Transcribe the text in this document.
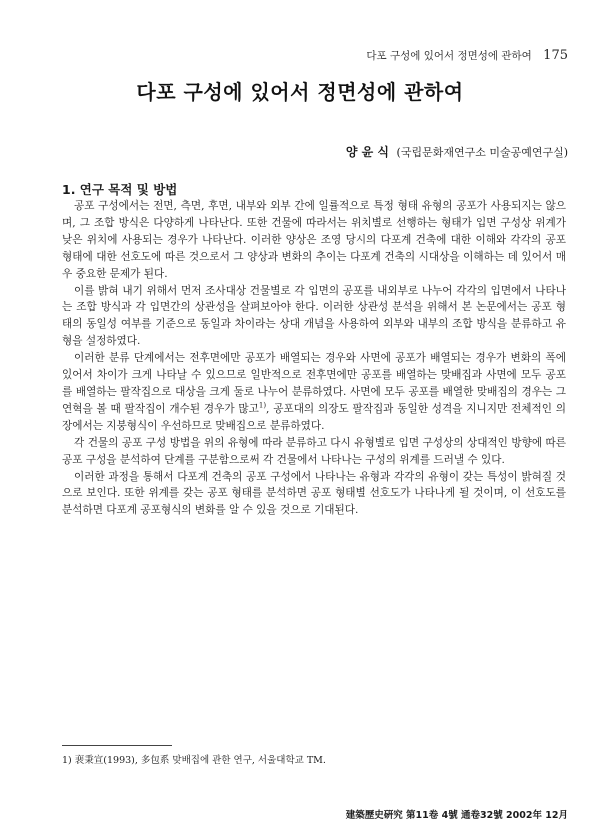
다포 구성에 있어서 정면성에 관하여 175
다포 구성에 있어서 정면성에 관하여
양 윤 식 (국립문화재연구소 미술공예연구실)
1. 연구 목적 및 방법

공포 구성에서는 전면, 측면, 후면, 내부와 외부 간에 일률적으로 특정 형태 유형의 공포가 사용되지는 않으며, 그 조합 방식은 다양하게 나타난다. 또한 건물에 따라서는 위치별로 선행하는 형태가 입면 구성상 위계가 낮은 위치에 사용되는 경우가 나타난다. 이러한 양상은 조영 당시의 다포계 건축에 대한 이해와 각각의 공포 형태에 대한 선호도에 따른 것으로서 그 양상과 변화의 추이는 다포계 건축의 시대상을 이해하는 데 있어서 매우 중요한 문제가 된다.

이를 밝혀 내기 위해서 먼저 조사대상 건물별로 각 입면의 공포를 내외부로 나누어 각각의 입면에서 나타나는 조합 방식과 각 입면간의 상관성을 살펴보아야 한다. 이러한 상관성 분석을 위해서 본 논문에서는 공포 형태의 동일성 여부를 기준으로 동일과 차이라는 상대 개념을 사용하여 외부와 내부의 조합 방식을 분류하고 유형을 설정하였다.

이러한 분류 단계에서는 전후면에만 공포가 배열되는 경우와 사면에 공포가 배열되는 경우가 변화의 폭에 있어서 차이가 크게 나타날 수 있으므로 일반적으로 전후면에만 공포를 배열하는 맞배집과 사면에 모두 공포를 배열하는 팔작집으로 대상을 크게 둘로 나누어 분류하였다. 사면에 모두 공포를 배열한 맞배집의 경우는 그 연혁을 볼 때 팔작집이 개수된 경우가 많고$^{1)}$, 공포대의 의장도 팔작집과 동일한 성격을 지니지만 전체적인 의장에서는 지붕형식이 우선하므로 맞배집으로 분류하였다.

각 건물의 공포 구성 방법을 위의 유형에 따라 분류하고 다시 유형별로 입면 구성상의 상대적인 방향에 따른 공포 구성을 분석하여 단계를 구분함으로써 각 건물에서 나타나는 구성의 위계를 드러낼 수 있다.

이러한 과정을 통해서 다포계 건축의 공포 구성에서 나타나는 유형과 각각의 유형이 갖는 특성이 밝혀질 것으로 보인다. 또한 위계를 갖는 공포 형태를 분석하면 공포 형태별 선호도가 나타나게 될 것이며, 이 선호도를 분석하면 다포계 공포형식의 변화를 알 수 있을 것으로 기대된다.

1) 裵秉宣(1993), 多包系 맞배집에 관한 연구, 서울대학교 TM.
建築歷史硏究 第11卷 4號 通卷32號 2002年 12月
